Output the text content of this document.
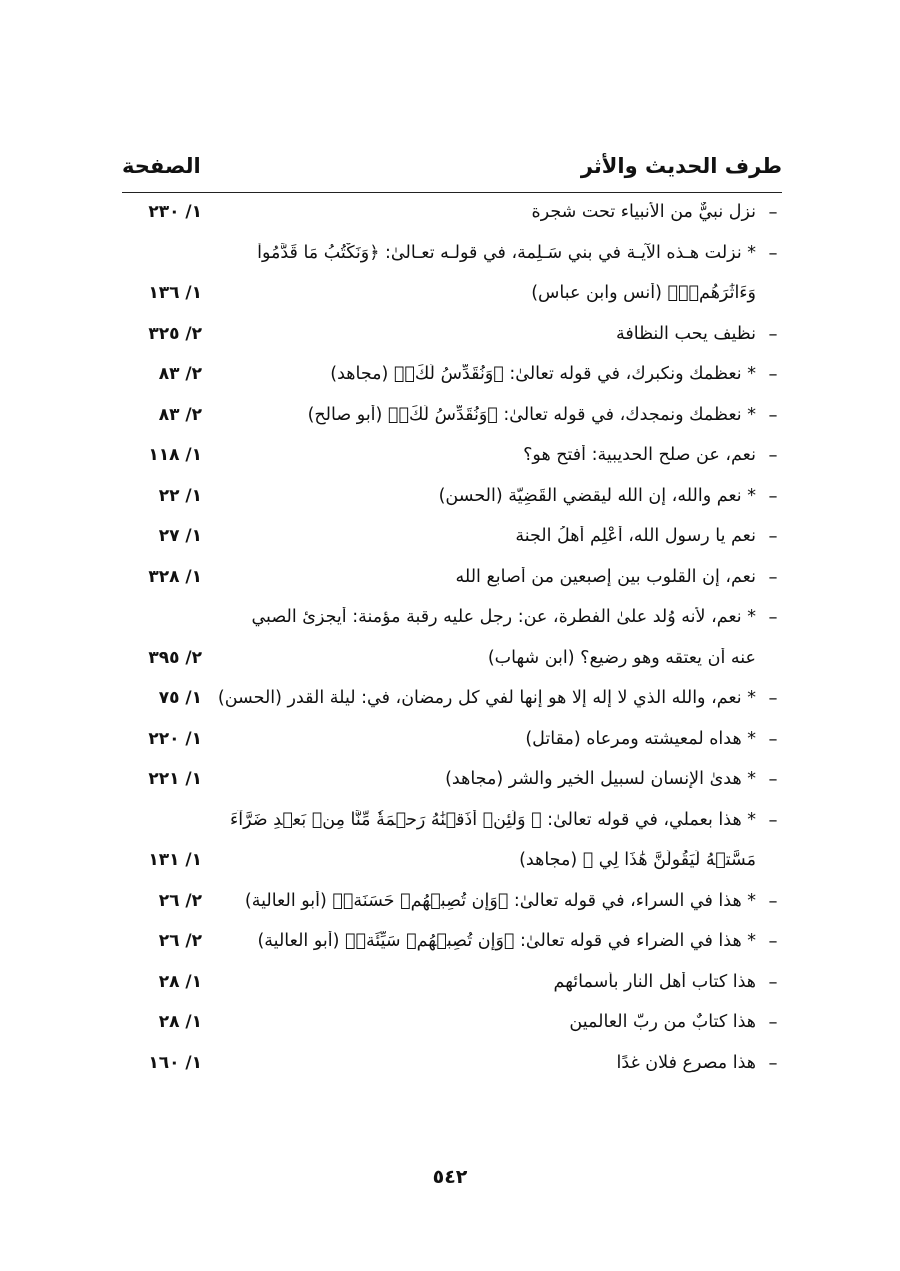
طرف الحديث والأثر
الصفحة
–
نزل نبيٌّ من الأنبياء تحت شجرة
١/ ٢٣٠
–
* نزلت هـذه الآيـة في بني سَـلِمة، في قولـه تعـالىٰ: ﴿وَنَكْتُبُ مَا قَدَّمُواْ
وَءَاثَٰرَهُمۡۚ﴾ (أنس وابن عباس)
١/ ١٣٦
–
نظيف يحب النظافة
٢/ ٣٢٥
–
* نعظمك ونكبرك، في قوله تعالىٰ: ﴿وَنُقَدِّسُ لَكَۖ﴾ (مجاهد)
٢/ ٨٣
–
* نعظمك ونمجدك، في قوله تعالىٰ: ﴿وَنُقَدِّسُ لَكَۖ﴾ (أبو صالح)
٢/ ٨٣
–
نعم، عن صلح الحديبية: أفتح هو؟
١/ ١١٨
–
* نعم والله، إن الله ليقضي القَضِيّة (الحسن)
١/ ٢٢
–
نعم يا رسول الله، أَعْلِم أهلُ الجنة
١/ ٢٧
–
نعم، إن القلوب بين إصبعين من أصابع الله
١/ ٣٢٨
–
* نعم، لأنه وُلد علىٰ الفطرة، عن: رجل عليه رقبة مؤمنة: أيجزئ الصبي
عنه أن يعتقه وهو رضيع؟ (ابن شهاب)
٢/ ٣٩٥
–
* نعم، والله الذي لا إله إلا هو إنها لفي كل رمضان، في: ليلة القدر (الحسن)
١/ ٧٥
–
* هداه لمعيشته ومرعاه (مقاتل)
١/ ٢٢٠
–
* هدىٰ الإنسان لسبيل الخير والشر (مجاهد)
١/ ٢٢١
–
* هذا بعملي، في قوله تعالىٰ: ﴿ وَلَئِنۡ أَذَقۡنَٰهُ رَحۡمَةٗ مِّنَّا مِنۢ بَعۡدِ ضَرَّآءَ
مَسَّتۡهُ لَيَقُولَنَّ هَٰذَا لِي ﴾ (مجاهد)
١/ ١٣١
–
* هذا في السراء، في قوله تعالىٰ: ﴿وَإِن تُصِبۡهُمۡ حَسَنَةٞ﴾ (أبو العالية)
٢/ ٢٦
–
* هذا في الضراء في قوله تعالىٰ: ﴿وَإِن تُصِبۡهُمۡ سَيِّئَةٞ﴾ (أبو العالية)
٢/ ٢٦
–
هذا كتاب أهل النار بأسمائهم
١/ ٢٨
–
هذا كتابٌ من ربّ العالمين
١/ ٢٨
–
هذا مصرع فلان غدًا
١/ ١٦٠
٥٤٢
